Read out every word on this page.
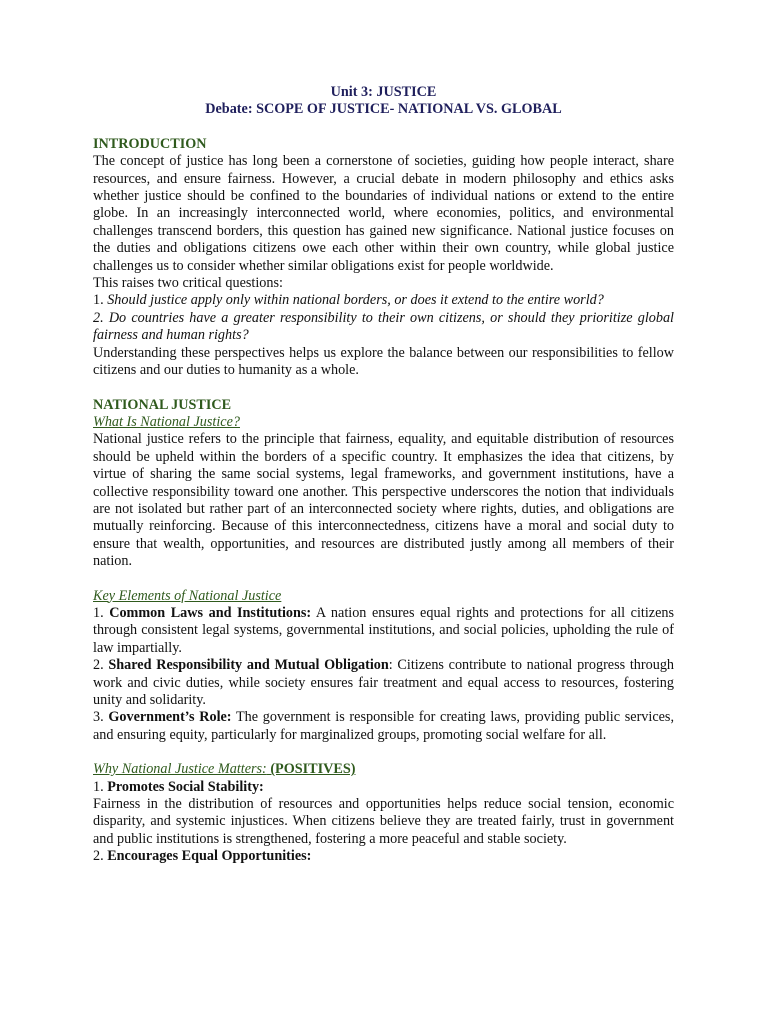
Unit 3: JUSTICE

Debate: SCOPE OF JUSTICE- NATIONAL VS. GLOBAL

INTRODUCTION

The concept of justice has long been a cornerstone of societies, guiding how people interact, share resources, and ensure fairness. However, a crucial debate in modern philosophy and ethics asks whether justice should be confined to the boundaries of individual nations or extend to the entire globe. In an increasingly interconnected world, where economies, politics, and environmental challenges transcend borders, this question has gained new significance. National justice focuses on the duties and obligations citizens owe each other within their own country, while global justice challenges us to consider whether similar obligations exist for people worldwide.

This raises two critical questions:

1. Should justice apply only within national borders, or does it extend to the entire world?

2. Do countries have a greater responsibility to their own citizens, or should they prioritize global fairness and human rights?

Understanding these perspectives helps us explore the balance between our responsibilities to fellow citizens and our duties to humanity as a whole.

NATIONAL JUSTICE

What Is National Justice?

National justice refers to the principle that fairness, equality, and equitable distribution of resources should be upheld within the borders of a specific country. It emphasizes the idea that citizens, by virtue of sharing the same social systems, legal frameworks, and government institutions, have a collective responsibility toward one another. This perspective underscores the notion that individuals are not isolated but rather part of an interconnected society where rights, duties, and obligations are mutually reinforcing. Because of this interconnectedness, citizens have a moral and social duty to ensure that wealth, opportunities, and resources are distributed justly among all members of their nation.

Key Elements of National Justice

1. Common Laws and Institutions: A nation ensures equal rights and protections for all citizens through consistent legal systems, governmental institutions, and social policies, upholding the rule of law impartially.

2. Shared Responsibility and Mutual Obligation: Citizens contribute to national progress through work and civic duties, while society ensures fair treatment and equal access to resources, fostering unity and solidarity.

3. Government’s Role: The government is responsible for creating laws, providing public services, and ensuring equity, particularly for marginalized groups, promoting social welfare for all.

Why National Justice Matters: (POSITIVES)

1. Promotes Social Stability:

Fairness in the distribution of resources and opportunities helps reduce social tension, economic disparity, and systemic injustices. When citizens believe they are treated fairly, trust in government and public institutions is strengthened, fostering a more peaceful and stable society.

2. Encourages Equal Opportunities:
